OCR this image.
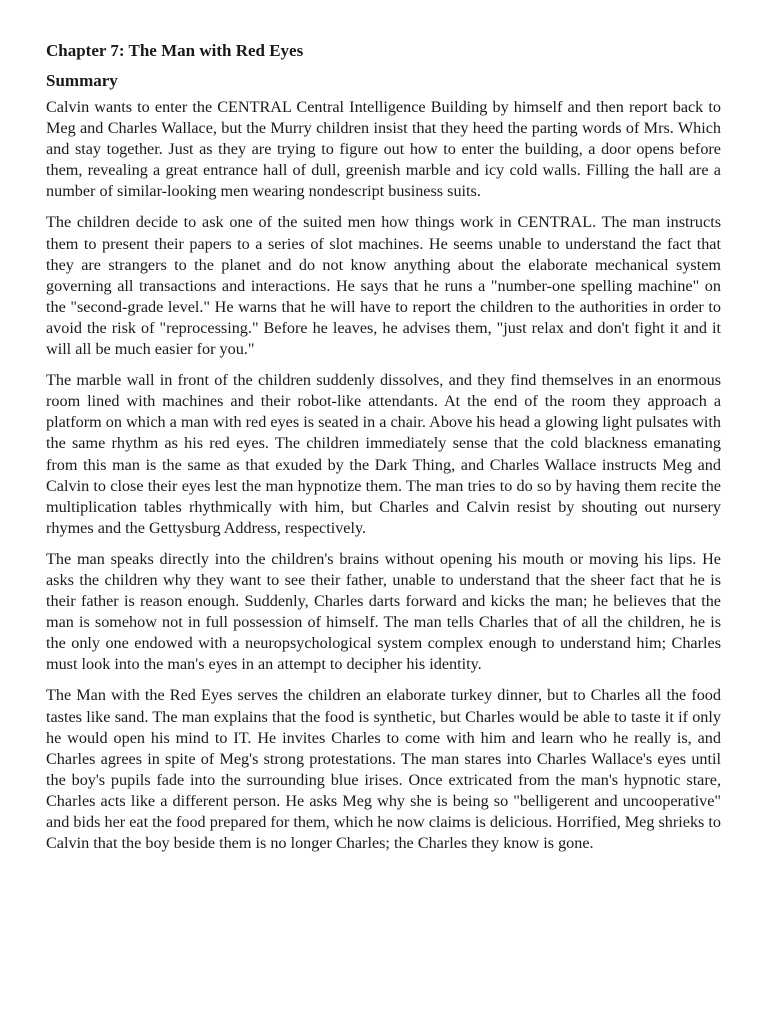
Chapter 7: The Man with Red Eyes
Summary

Calvin wants to enter the CENTRAL Central Intelligence Building by himself and then report back to Meg and Charles Wallace, but the Murry children insist that they heed the parting words of Mrs. Which and stay together. Just as they are trying to figure out how to enter the building, a door opens before them, revealing a great entrance hall of dull, greenish marble and icy cold walls. Filling the hall are a number of similar-looking men wearing nondescript business suits.

The children decide to ask one of the suited men how things work in CENTRAL. The man instructs them to present their papers to a series of slot machines. He seems unable to understand the fact that they are strangers to the planet and do not know anything about the elaborate mechanical system governing all transactions and interactions. He says that he runs a "number-one spelling machine" on the "second-grade level." He warns that he will have to report the children to the authorities in order to avoid the risk of "reprocessing." Before he leaves, he advises them, "just relax and don't fight it and it will all be much easier for you."

The marble wall in front of the children suddenly dissolves, and they find themselves in an enormous room lined with machines and their robot-like attendants. At the end of the room they approach a platform on which a man with red eyes is seated in a chair. Above his head a glowing light pulsates with the same rhythm as his red eyes. The children immediately sense that the cold blackness emanating from this man is the same as that exuded by the Dark Thing, and Charles Wallace instructs Meg and Calvin to close their eyes lest the man hypnotize them. The man tries to do so by having them recite the multiplication tables rhythmically with him, but Charles and Calvin resist by shouting out nursery rhymes and the Gettysburg Address, respectively.

The man speaks directly into the children's brains without opening his mouth or moving his lips. He asks the children why they want to see their father, unable to understand that the sheer fact that he is their father is reason enough. Suddenly, Charles darts forward and kicks the man; he believes that the man is somehow not in full possession of himself. The man tells Charles that of all the children, he is the only one endowed with a neuropsychological system complex enough to understand him; Charles must look into the man's eyes in an attempt to decipher his identity.

The Man with the Red Eyes serves the children an elaborate turkey dinner, but to Charles all the food tastes like sand. The man explains that the food is synthetic, but Charles would be able to taste it if only he would open his mind to IT. He invites Charles to come with him and learn who he really is, and Charles agrees in spite of Meg's strong protestations. The man stares into Charles Wallace's eyes until the boy's pupils fade into the surrounding blue irises. Once extricated from the man's hypnotic stare, Charles acts like a different person. He asks Meg why she is being so "belligerent and uncooperative" and bids her eat the food prepared for them, which he now claims is delicious. Horrified, Meg shrieks to Calvin that the boy beside them is no longer Charles; the Charles they know is gone.
